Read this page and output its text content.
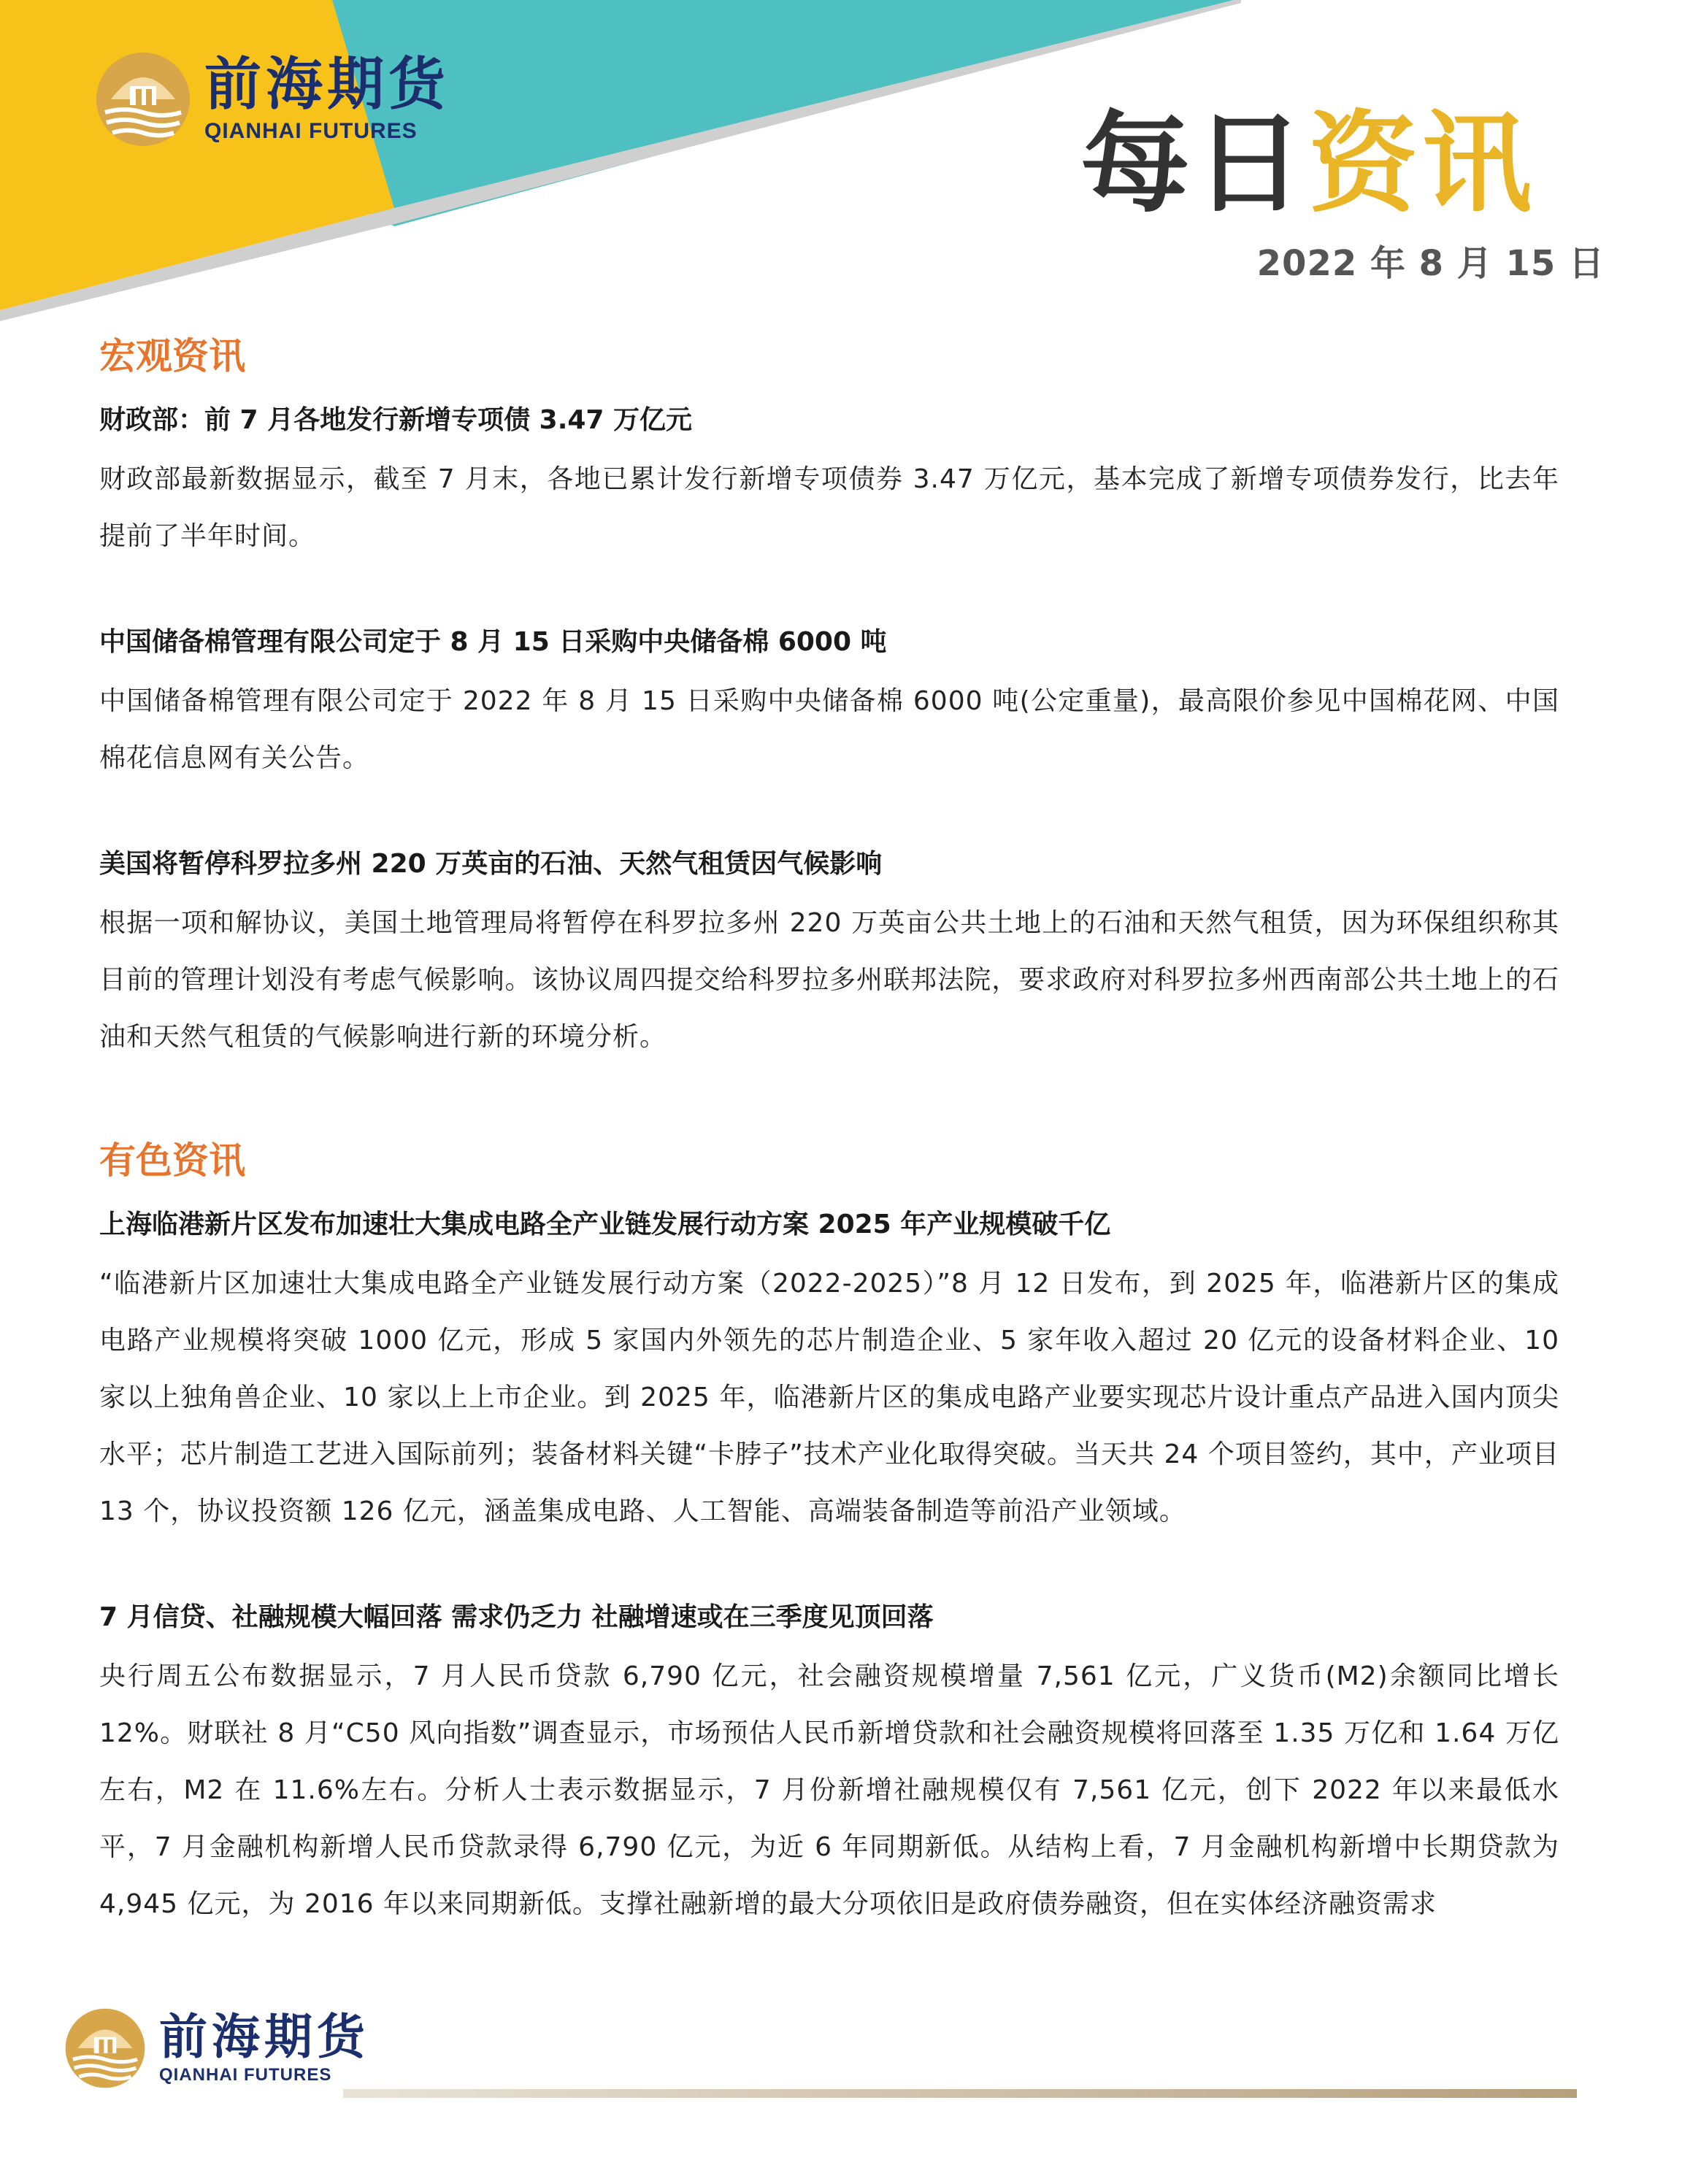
前海期货
QIANHAI FUTURES	每日资讯
2022 年 8 月 15 日
宏观资讯
财政部：前 7 月各地发行新增专项债 3.47 万亿元
财政部最新数据显示，截至 7 月末，各地已累计发行新增专项债券 3.47 万亿元，基本完成了新增专项债券发行，比去年提前了半年时间。
中国储备棉管理有限公司定于 8 月 15 日采购中央储备棉 6000 吨
中国储备棉管理有限公司定于 2022 年 8 月 15 日采购中央储备棉 6000 吨(公定重量)，最高限价参见中国棉花网、中国棉花信息网有关公告。
美国将暂停科罗拉多州 220 万英亩的石油、天然气租赁因气候影响
根据一项和解协议，美国土地管理局将暂停在科罗拉多州 220 万英亩公共土地上的石油和天然气租赁，因为环保组织称其目前的管理计划没有考虑气候影响。该协议周四提交给科罗拉多州联邦法院，要求政府对科罗拉多州西南部公共土地上的石油和天然气租赁的气候影响进行新的环境分析。
有色资讯
上海临港新片区发布加速壮大集成电路全产业链发展行动方案 2025 年产业规模破千亿
“临港新片区加速壮大集成电路全产业链发展行动方案（2022-2025）”8 月 12 日发布，到 2025 年，临港新片区的集成电路产业规模将突破 1000 亿元，形成 5 家国内外领先的芯片制造企业、5 家年收入超过 20 亿元的设备材料企业、10 家以上独角兽企业、10 家以上上市企业。到 2025 年，临港新片区的集成电路产业要实现芯片设计重点产品进入国内顶尖水平；芯片制造工艺进入国际前列；装备材料关键“卡脖子”技术产业化取得突破。当天共 24 个项目签约，其中，产业项目 13 个，协议投资额 126 亿元，涵盖集成电路、人工智能、高端装备制造等前沿产业领域。
7 月信贷、社融规模大幅回落 需求仍乏力 社融增速或在三季度见顶回落
央行周五公布数据显示，7 月人民币贷款 6,790 亿元，社会融资规模增量 7,561 亿元，广义货币(M2)余额同比增长 12%。财联社 8 月“C50 风向指数”调查显示，市场预估人民币新增贷款和社会融资规模将回落至 1.35 万亿和 1.64 万亿左右，M2 在 11.6%左右。分析人士表示数据显示，7 月份新增社融规模仅有 7,561 亿元，创下 2022 年以来最低水平，7 月金融机构新增人民币贷款录得 6,790 亿元，为近 6 年同期新低。从结构上看，7 月金融机构新增中长期贷款为 4,945 亿元，为 2016 年以来同期新低。支撑社融新增的最大分项依旧是政府债券融资，但在实体经济融资需求
前海期货
QIANHAI FUTURES
